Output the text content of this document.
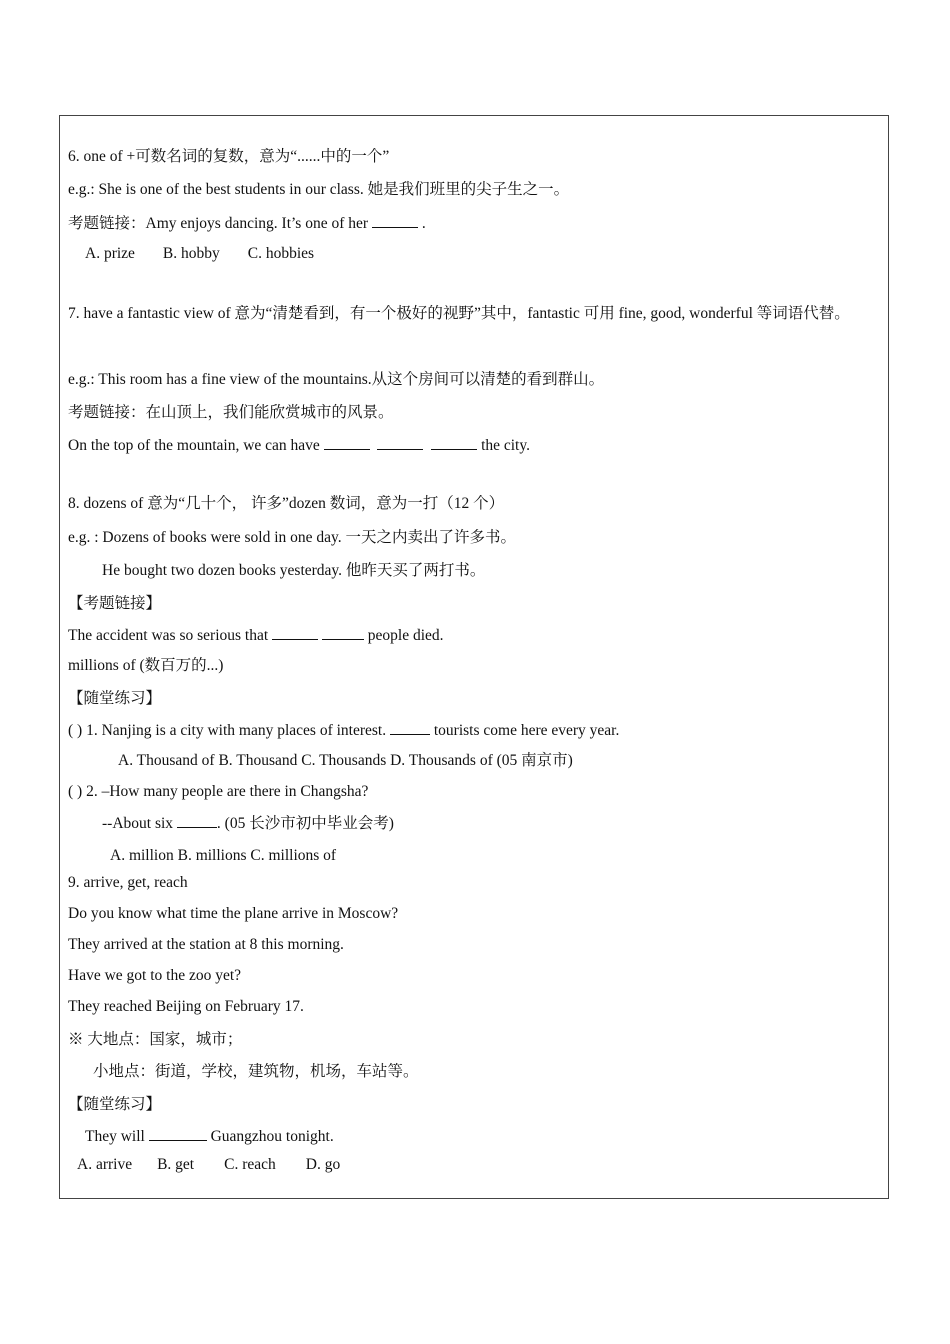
6. one of +可数名词的复数，意为“......中的一个”
e.g.: She is one of the best students in our class. 她是我们班里的尖子生之一。
考题链接：Amy enjoys dancing. It’s one of her	.
A. prize B. hobby C. hobbies
7. have a fantastic view of 意为“清楚看到，有一个极好的视野”其中，fantastic 可用 fine, good, wonderful 等词语代替。
e.g.: This room has a fine view of the mountains.从这个房间可以清楚的看到群山。
考题链接：在山顶上，我们能欣赏城市的风景。
On the top of the mountain, we can have	the city.
8. dozens of 意为“几十个， 许多”dozen 数词，意为一打（12 个）
e.g. : Dozens of books were sold in one day. 一天之内卖出了许多书。
He bought two dozen books yesterday. 他昨天买了两打书。
【考题链接】
The accident was so serious that	people died.
millions of (数百万的...)
【随堂练习】
( ) 1. Nanjing is a city with many places of interest.	tourists come here every year.
A. Thousand of B. Thousand C. Thousands D. Thousands of (05 南京市)
( ) 2. –How many people are there in Changsha?
--About six	. (05 长沙市初中毕业会考)
A. million B. millions C. millions of
9. arrive, get, reach
Do you know what time the plane arrive in Moscow?
They arrived at the station at 8 this morning.
Have we got to the zoo yet?
They reached Beijing on February 17.
※ 大地点：国家，城市；
小地点：街道，学校，建筑物，机场，车站等。
【随堂练习】
They will	Guangzhou tonight.
A. arrive B. get C. reach D. go
